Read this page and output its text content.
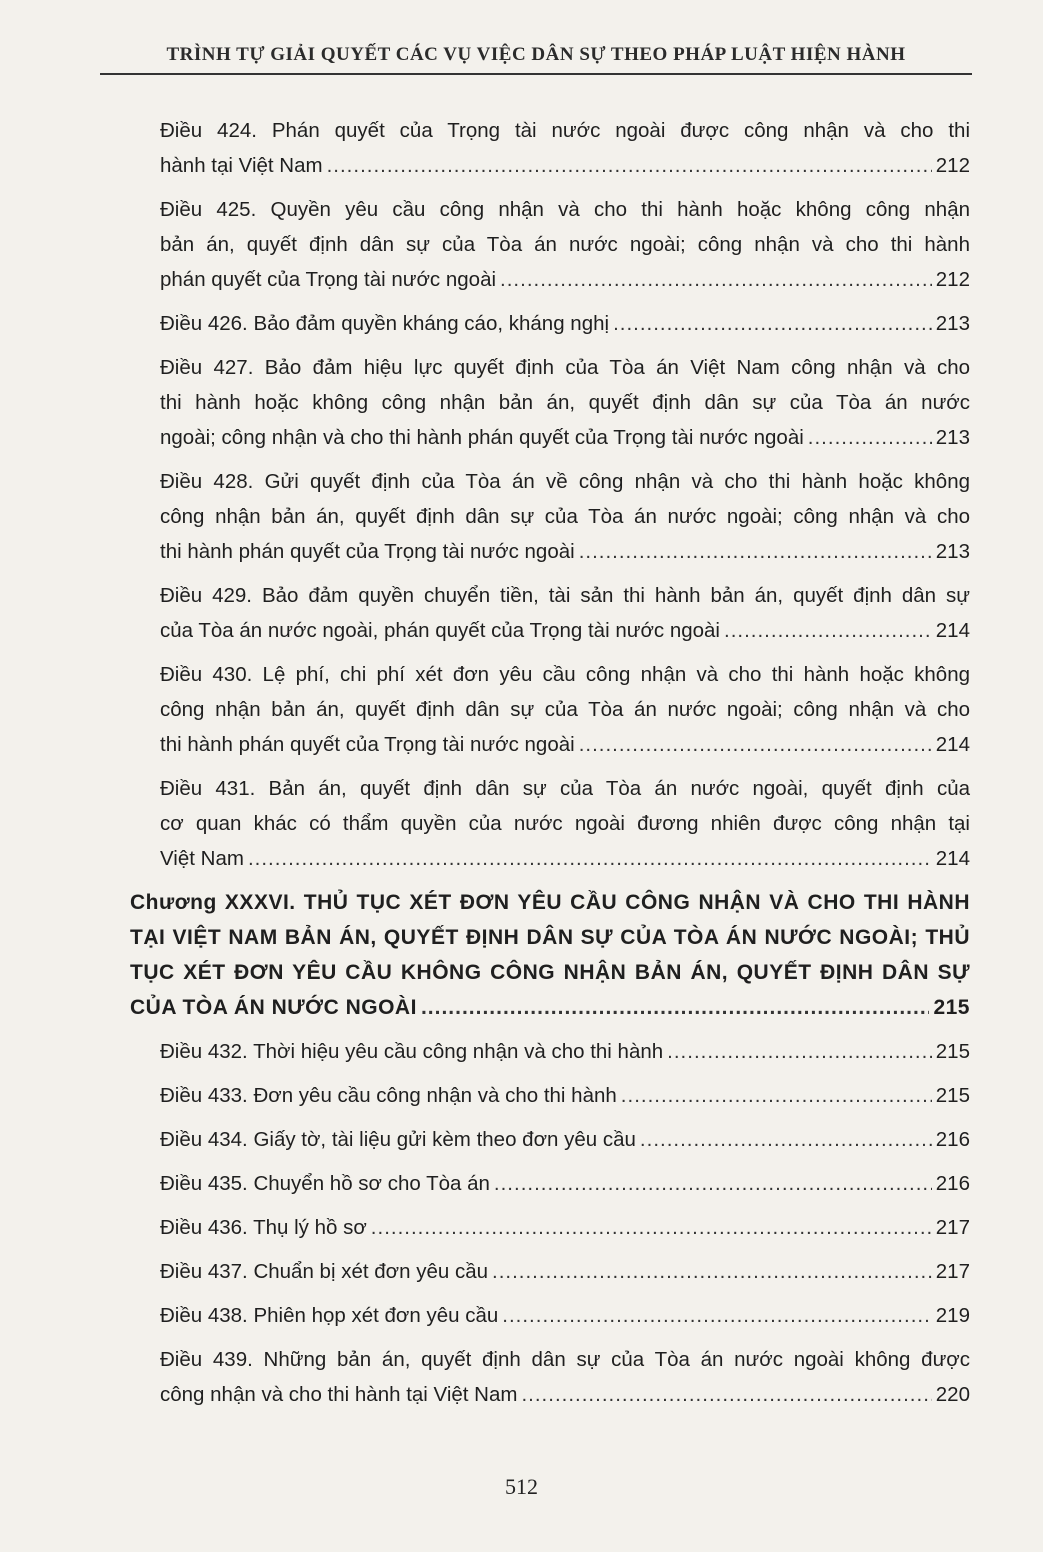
TRÌNH TỰ GIẢI QUYẾT CÁC VỤ VIỆC DÂN SỰ THEO PHÁP LUẬT HIỆN HÀNH
Điều 424. Phán quyết của Trọng tài nước ngoài được công nhận và cho thi
hành tại Việt Nam .....	212
Điều 425. Quyền yêu cầu công nhận và cho thi hành hoặc không công nhận
bản án, quyết định dân sự của Tòa án nước ngoài; công nhận và cho thi hành
phán quyết của Trọng tài nước ngoài .....	212
Điều 426. Bảo đảm quyền kháng cáo, kháng nghị .....	213
Điều 427. Bảo đảm hiệu lực quyết định của Tòa án Việt Nam công nhận và cho
thi hành hoặc không công nhận bản án, quyết định dân sự của Tòa án nước
ngoài; công nhận và cho thi hành phán quyết của Trọng tài nước ngoài .....	213
Điều 428. Gửi quyết định của Tòa án về công nhận và cho thi hành hoặc không
công nhận bản án, quyết định dân sự của Tòa án nước ngoài; công nhận và cho
thi hành phán quyết của Trọng tài nước ngoài .....	213
Điều 429. Bảo đảm quyền chuyển tiền, tài sản thi hành bản án, quyết định dân sự
của Tòa án nước ngoài, phán quyết của Trọng tài nước ngoài .....	214
Điều 430. Lệ phí, chi phí xét đơn yêu cầu công nhận và cho thi hành hoặc không
công nhận bản án, quyết định dân sự của Tòa án nước ngoài; công nhận và cho
thi hành phán quyết của Trọng tài nước ngoài .....	214
Điều 431. Bản án, quyết định dân sự của Tòa án nước ngoài, quyết định của
cơ quan khác có thẩm quyền của nước ngoài đương nhiên được công nhận tại
Việt Nam .....	214
Chương XXXVI. THỦ TỤC XÉT ĐƠN YÊU CẦU CÔNG NHẬN VÀ CHO THI HÀNH
TẠI VIỆT NAM BẢN ÁN, QUYẾT ĐỊNH DÂN SỰ CỦA TÒA ÁN NƯỚC NGOÀI; THỦ
TỤC XÉT ĐƠN YÊU CẦU KHÔNG CÔNG NHẬN BẢN ÁN, QUYẾT ĐỊNH DÂN SỰ
CỦA TÒA ÁN NƯỚC NGOÀI .....	215
Điều 432. Thời hiệu yêu cầu công nhận và cho thi hành .....	215
Điều 433. Đơn yêu cầu công nhận và cho thi hành .....	215
Điều 434. Giấy tờ, tài liệu gửi kèm theo đơn yêu cầu .....	216
Điều 435. Chuyển hồ sơ cho Tòa án .....	216
Điều 436. Thụ lý hồ sơ .....	217
Điều 437. Chuẩn bị xét đơn yêu cầu .....	217
Điều 438. Phiên họp xét đơn yêu cầu .....	219
Điều 439. Những bản án, quyết định dân sự của Tòa án nước ngoài không được
công nhận và cho thi hành tại Việt Nam .....	220
512
